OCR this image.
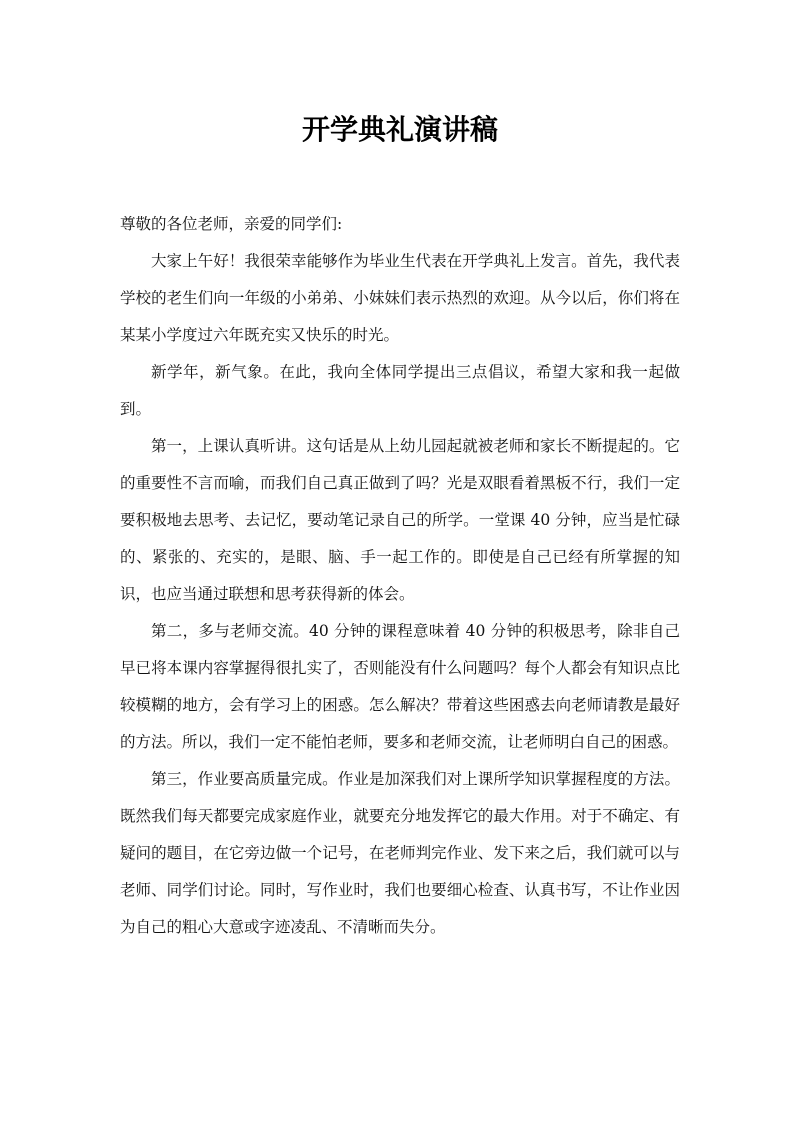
开学典礼演讲稿

尊敬的各位老师，亲爱的同学们:

大家上午好！我很荣幸能够作为毕业生代表在开学典礼上发言。首先，我代表学校的老生们向一年级的小弟弟、小妹妹们表示热烈的欢迎。从今以后，你们将在某某小学度过六年既充实又快乐的时光。

新学年，新气象。在此，我向全体同学提出三点倡议，希望大家和我一起做到。

第一，上课认真听讲。这句话是从上幼儿园起就被老师和家长不断提起的。它的重要性不言而喻，而我们自己真正做到了吗？光是双眼看着黑板不行，我们一定要积极地去思考、去记忆，要动笔记录自己的所学。一堂课 40 分钟，应当是忙碌的、紧张的、充实的，是眼、脑、手一起工作的。即使是自己已经有所掌握的知识，也应当通过联想和思考获得新的体会。

第二，多与老师交流。40 分钟的课程意味着 40 分钟的积极思考，除非自己早已将本课内容掌握得很扎实了，否则能没有什么问题吗？每个人都会有知识点比较模糊的地方，会有学习上的困惑。怎么解决？带着这些困惑去向老师请教是最好的方法。所以，我们一定不能怕老师，要多和老师交流，让老师明白自己的困惑。

第三，作业要高质量完成。作业是加深我们对上课所学知识掌握程度的方法。既然我们每天都要完成家庭作业，就要充分地发挥它的最大作用。对于不确定、有疑问的题目，在它旁边做一个记号，在老师判完作业、发下来之后，我们就可以与老师、同学们讨论。同时，写作业时，我们也要细心检查、认真书写，不让作业因为自己的粗心大意或字迹凌乱、不清晰而失分。
